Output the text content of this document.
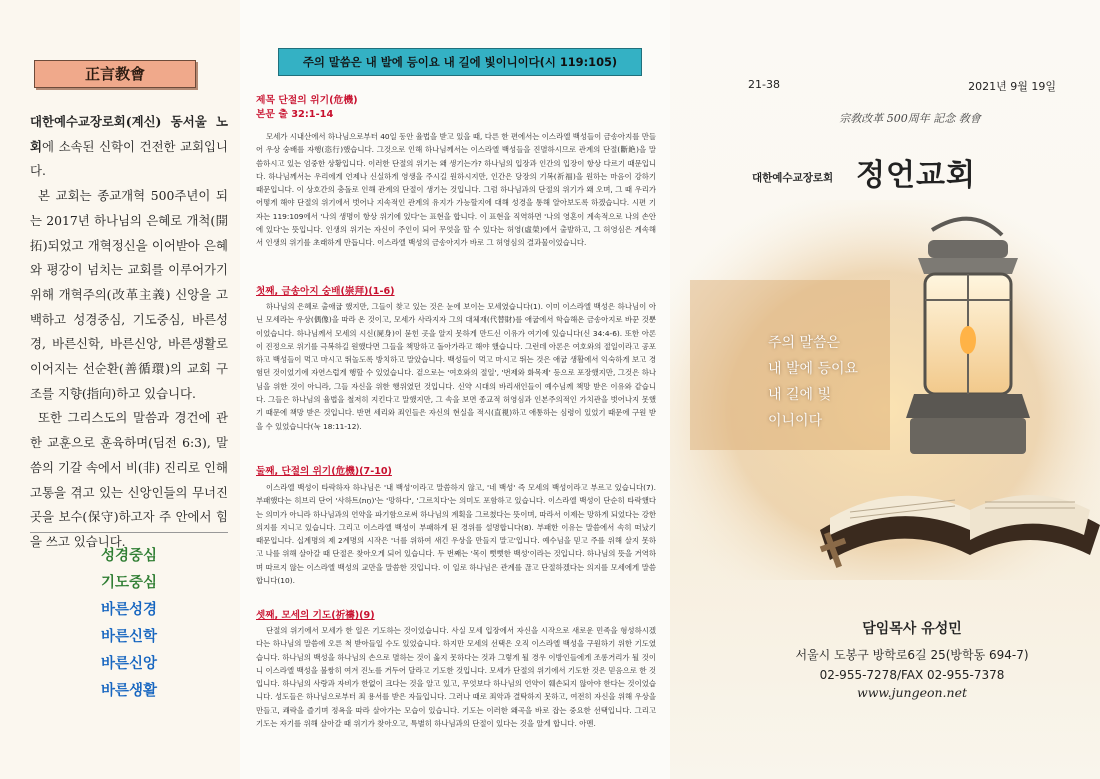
正言教會

대한예수교장로회(계신) 동서울 노회에 소속된 신학이 건전한 교회입니다.

본 교회는 종교개혁 500주년이 되는 2017년 하나님의 은혜로 개척(開拓)되었고 개혁정신을 이어받아 은혜와 평강이 넘치는 교회를 이루어가기 위해 개혁주의(改革主義) 신앙을 고백하고 성경중심, 기도중심, 바른성경, 바른신학, 바른신앙, 바른생활로 이어지는 선순환(善循環)의 교회 구조를 지향(指向)하고 있습니다.

또한 그리스도의 말씀과 경건에 관한 교훈으로 훈육하며(딤전 6:3), 말씀의 기갈 속에서 비(非) 진리로 인해 고통을 겪고 있는 신앙인들의 무너진 곳을 보수(保守)하고자 주 안에서 힘을 쓰고 있습니다.

성경중심
기도중심
바른성경
바른신학
바른신앙
바른생활
주의 말씀은 내 발에 등이요 내 길에 빛이니이다(시 119:105)
제목 단절의 위기(危機)
본문 출 32:1-14

모세가 시내산에서 하나님으로부터 40일 동안 율법을 받고 있을 때, 다른 한 편에서는 이스라엘 백성들이 금송아지를 만들어 우상 숭배를 자행(恣行)했습니다. 그것으로 인해 하나님께서는 이스라엘 백성들을 진멸하시므로 관계의 단절(斷絶)을 말씀하시고 있는 엄중한 상황입니다. 이러한 단절의 위기는 왜 생기는가? 하나님의 입장과 인간의 입장이 항상 다르기 때문입니다. 하나님께서는 우리에게 언제나 신실하게 영생을 주시길 원하시지만, 인간은 당장의 기복(祈福)을 원하는 마음이 강하기 때문입니다. 이 상호간의 충돌로 인해 관계의 단절이 생기는 것입니다. 그럼 하나님과의 단절의 위기가 왜 오며, 그 때 우리가 어떻게 해야 단절의 위기에서 벗어나 지속적인 관계의 유지가 가능할지에 대해 성경을 통해 알아보도록 하겠습니다. 시편 기자는 119:109에서 '나의 생명이 항상 위기에 있다'는 표현을 합니다. 이 표현을 직역하면 '나의 영혼이 계속적으로 나의 손안에 있다'는 뜻입니다. 인생의 위기는 자신이 주인이 되어 무엇을 할 수 있다는 허영(虛榮)에서 출발하고, 그 허영심은 계속해서 인생의 위기를 초래하게 만듭니다. 이스라엘 백성의 금송아지가 바로 그 허영심의 결과물이었습니다.

첫째, 금송아지 숭배(崇拜)(1-6)

하나님의 은혜로 출애굽 했지만, 그들이 찾고 있는 것은 눈에 보이는 모세였습니다(1). 이미 이스라엘 백성은 하나님이 아닌 모세라는 우상(偶像)을 따라 온 것이고, 모세가 사라지자 그의 대체재(代替財)를 애굽에서 학습해온 금송아지로 바꾼 것뿐이었습니다. 하나님께서 모세의 시신(屍身)이 묻힌 곳을 알지 못하게 만드신 이유가 여기에 있습니다(신 34:4-6). 또한 아론이 진정으로 위기를 극복하길 원했다면 그들을 책망하고 돌아가라고 해야 했습니다. 그런데 아론은 여호와의 절일이라고 공포하고 백성들이 먹고 마시고 뛰놀도록 방치하고 말았습니다. 백성들이 먹고 마시고 뛰는 것은 애굽 생활에서 익숙하게 보고 경험던 것이었기에 자연스럽게 행할 수 있었습니다. 겉으로는 '여호와의 절일', '번제와 화목제' 등으로 포장했지만, 그것은 하나님을 위한 것이 아니라, 그들 자신을 위한 행위였던 것입니다. 신약 시대의 바리새인들이 예수님께 책망 받은 이유와 같습니다. 그들은 하나님의 율법을 철저히 지킨다고 말했지만, 그 속을 보면 종교적 허영심과 인본주의적인 가치관을 벗어나지 못했기 때문에 책망 받은 것입니다. 반면 세리와 죄인들은 자신의 현실을 적시(直視)하고 애통하는 심령이 있었기 때문에 구원 받을 수 있었습니다(눅 18:11-12).

둘째, 단절의 위기(危機)(7-10)

이스라엘 백성이 타락하자 하나님은 '내 백성'이라고 말씀하지 않고, '네 백성' 즉 모세의 백성이라고 부르고 있습니다(7). 부패했다는 히브리 단어 '사하트(חַת)'는 '망하다', '그르치다'는 의미도 포함하고 있습니다. 이스라엘 백성이 단순히 타락했다는 의미가 아니라 하나님과의 언약을 파기함으로써 하나님의 계획을 그르쳤다는 뜻이며, 따라서 이제는 망하게 되었다는 강한 의지를 지니고 있습니다. 그리고 이스라엘 백성이 부패하게 된 경위를 설명합니다(8). 부패한 이유는 말씀에서 속히 떠났기 때문입니다. 십계명의 제 2계명의 시작은 '너를 위하여 새긴 우상을 만들지 말고'입니다. 예수님을 믿고 주를 위해 살지 못하고 나를 위해 살아갈 때 단절은 찾아오게 되어 있습니다. 두 번째는 '목이 뻣뻣한 백성'이라는 것입니다. 하나님의 뜻을 거역하며 따르지 않는 이스라엘 백성의 교만을 말씀한 것입니다. 이 일로 하나님은 관계를 끊고 단절하겠다는 의지를 모세에게 말씀합니다(10).

셋째, 모세의 기도(祈禱)(9)

단절의 위기에서 모세가 한 일은 기도하는 것이었습니다. 사실 모세 입장에서 자신을 시작으로 새로운 민족을 형성하시겠다는 하나님의 말씀에 오른 척 받아들일 수도 있었습니다. 하지만 모세의 선택은 오직 이스라엘 백성을 구원하기 위한 기도였습니다. 하나님의 백성을 하나님의 손으로 멸하는 것이 옳지 못하다는 것과 그렇게 될 경우 이방인들에게 조롱거리가 될 것이니 이스라엘 백성을 불쌍히 여겨 진노를 거두어 달라고 기도한 것입니다. 모세가 단절의 위기에서 기도한 것은 믿음으로 한 것입니다. 하나님의 사랑과 자비가 한없이 크다는 것을 알고 있고, 무엇보다 하나님의 언약이 훼손되지 않아야 한다는 것이었습니다. 성도들은 하나님으로부터 죄 용서를 받은 자들입니다. 그러나 때로 죄악과 결탁하지 못하고, 여전히 자신을 위해 우상을 만들고, 쾌락을 즐기며 정욕을 따라 살아가는 모습이 있습니다. 기도는 이러한 왜곡을 바로 잡는 중요한 선택입니다. 그리고 기도는 자기를 위해 살아갈 때 위기가 찾아오고, 특별히 하나님과의 단절이 있다는 것을 알게 합니다. 아멘.

21-38	2021년 9월 19일
宗敎改革 500周年 記念 敎會
대한예수교장로회 정언교회
주의 말씀은
내 발에 등이요
내 길에 빛
이니이다
담임목사 유성민
서울시 도봉구 방학로6길 25(방학동 694-7)
02-955-7278/FAX 02-955-7378
www.jungeon.net
